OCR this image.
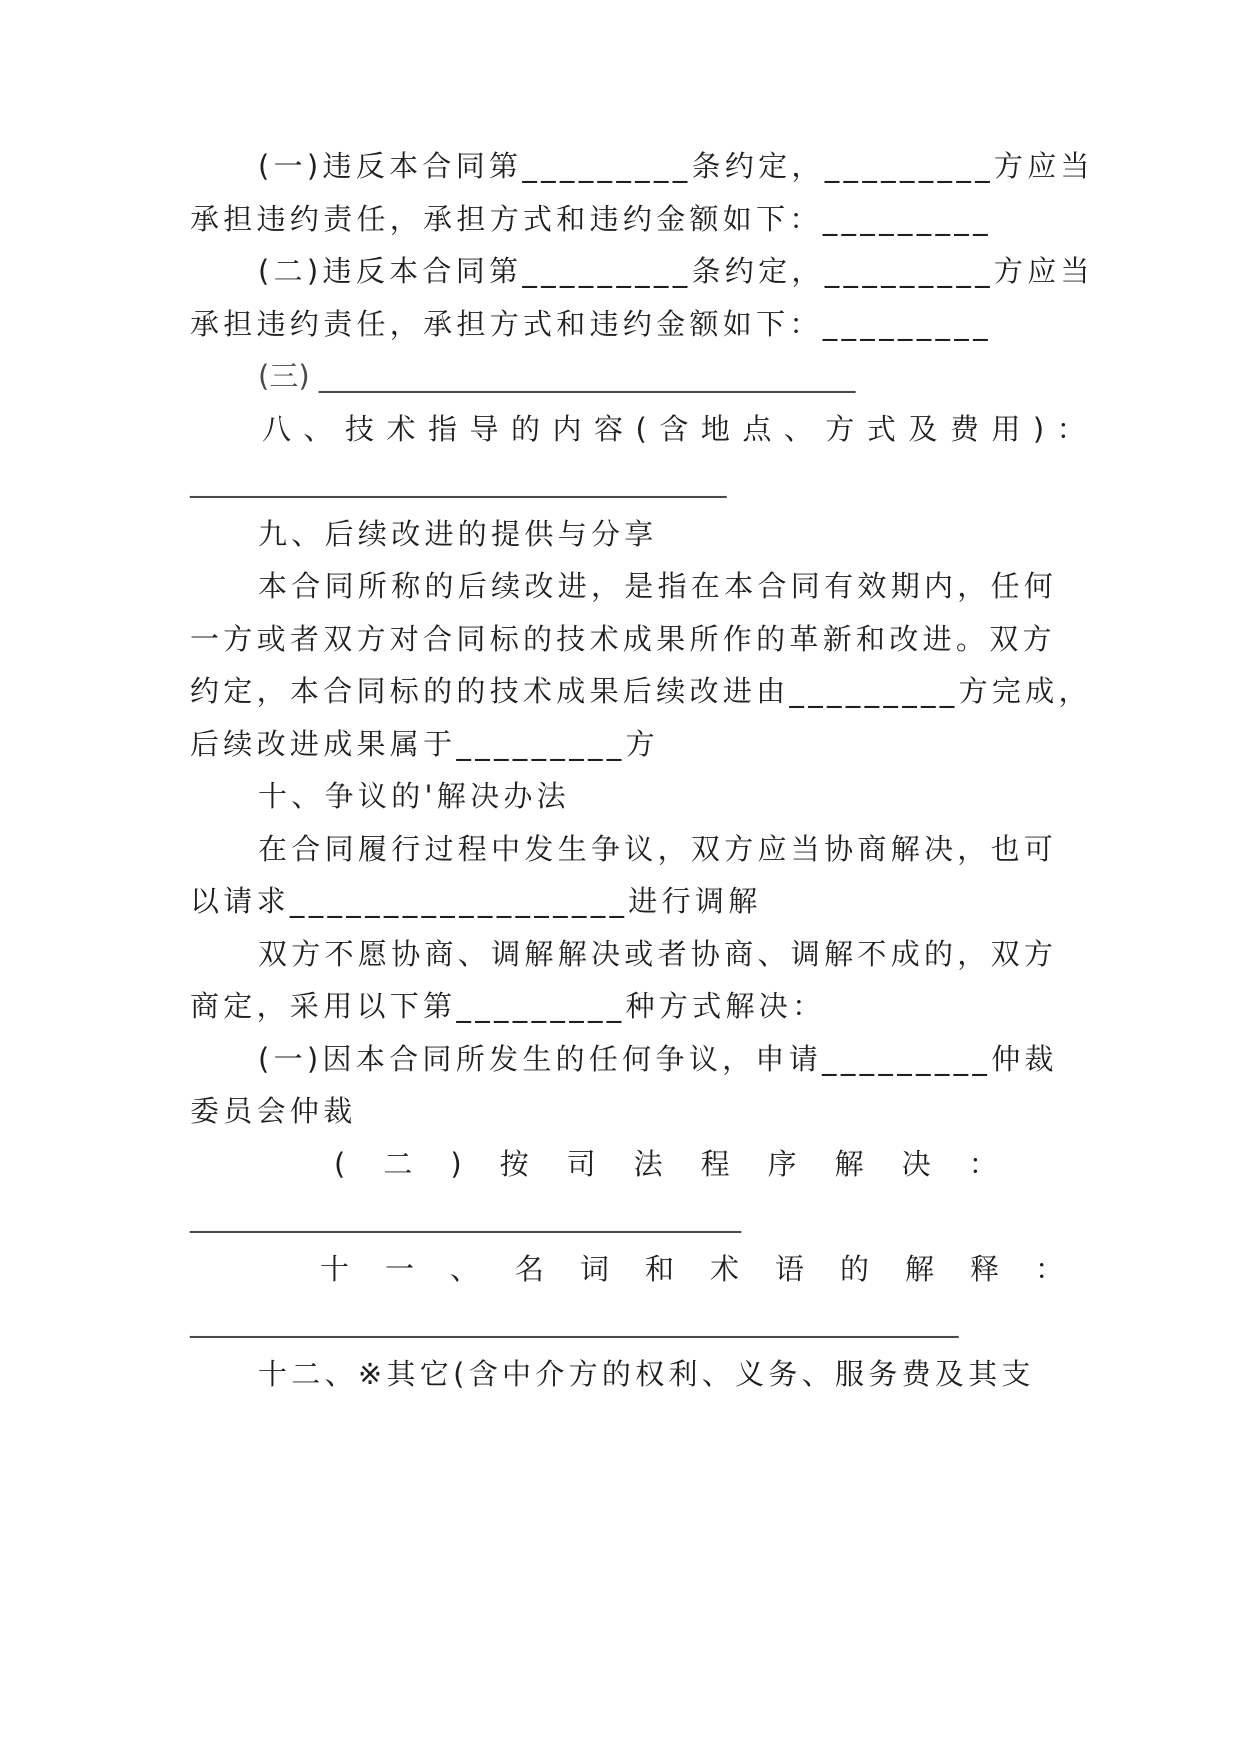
(一)违反本合同第_________条约定，_________方应当

承担违约责任，承担方式和违约金额如下：_________

(二)违反本合同第_________条约定，_________方应当

承担违约责任，承担方式和违约金额如下：_________

(三) _____________________________________

八、技术指导的内容(含地点、方式及费用)：

_____________________________________

九、后续改进的提供与分享

本合同所称的后续改进，是指在本合同有效期内，任何

一方或者双方对合同标的技术成果所作的革新和改进。双方

约定，本合同标的的技术成果后续改进由_________方完成，

后续改进成果属于_________方

十、争议的'解决办法

在合同履行过程中发生争议，双方应当协商解决，也可

以请求__________________进行调解

双方不愿协商、调解解决或者协商、调解不成的，双方

商定，采用以下第_________种方式解决：

(一)因本合同所发生的任何争议，申请_________仲裁

委员会仲裁

(二)按司法程序解决：

______________________________________

十一、名词和术语的解释：

_____________________________________________________

十二、※其它(含中介方的权利、义务、服务费及其支
